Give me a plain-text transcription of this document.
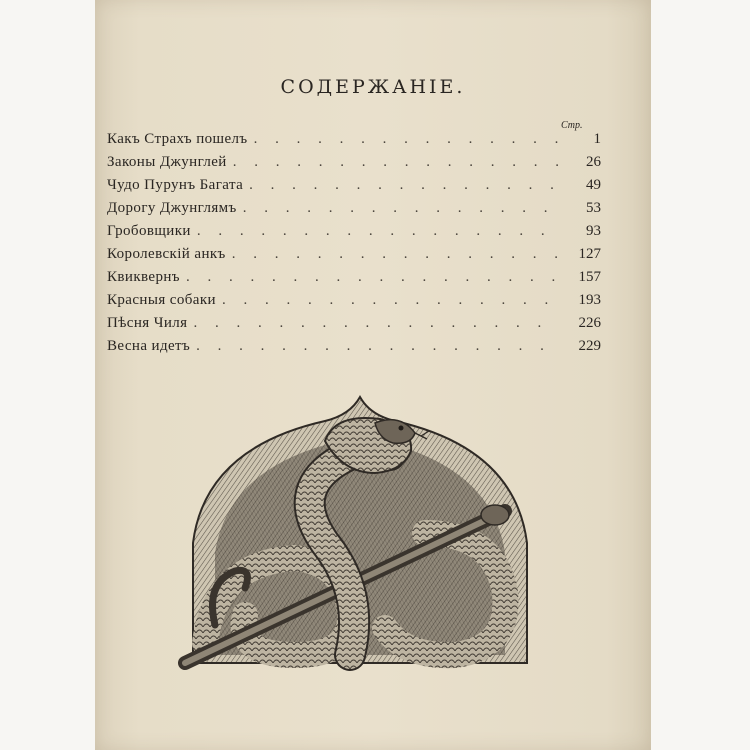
СОДЕРЖАНІЕ.
Стр.
Какъ Страхъ пошелъ . . .	1
Законы Джунглей . . .	26
Чудо Пурунъ Багата . . .	49
Дорогу Джунглямъ . . .	53
Гробовщики . . .	93
Королевскій анкъ . . .	127
Квиквернъ . . .	157
Красныя собаки . . .	193
Пѣсня Чиля . . .	226
Весна идетъ . . .	229
